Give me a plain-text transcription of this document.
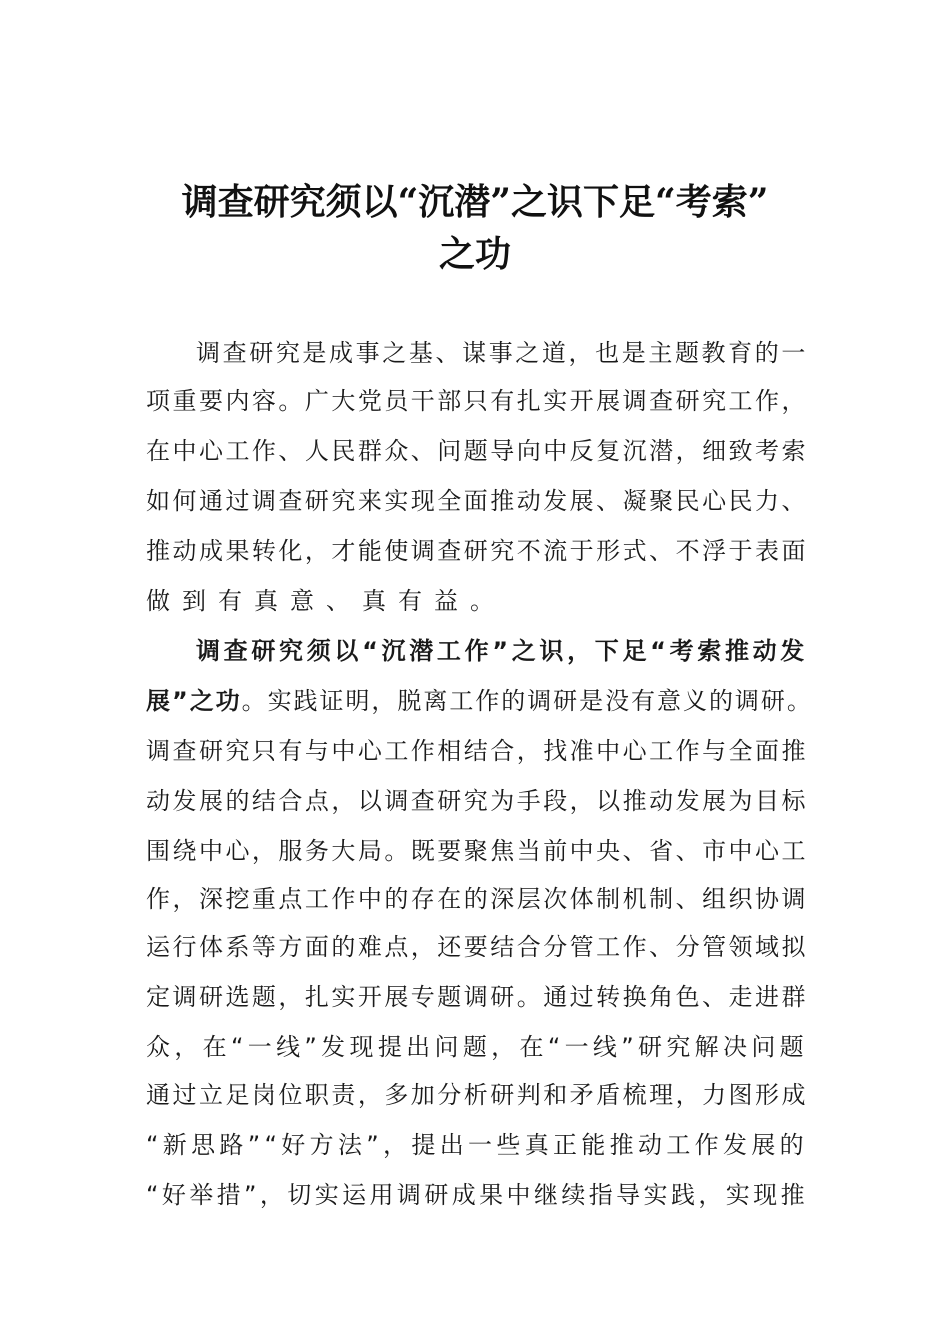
调查研究须以“沉潜”之识下足“考索”
之功
调查研究是成事之基、谋事之道，也是主题教育的一
项重要内容。广大党员干部只有扎实开展调查研究工作，
在中心工作、人民群众、问题导向中反复沉潜，细致考索
如何通过调查研究来实现全面推动发展、凝聚民心民力、
推动成果转化，才能使调查研究不流于形式、不浮于表面
做到有真意、真有益。
调查研究须以“沉潜工作”之识，下足“考索推动发
展”之功。实践证明，脱离工作的调研是没有意义的调研。
调查研究只有与中心工作相结合，找准中心工作与全面推
动发展的结合点，以调查研究为手段，以推动发展为目标
围绕中心，服务大局。既要聚焦当前中央、省、市中心工
作，深挖重点工作中的存在的深层次体制机制、组织协调
运行体系等方面的难点，还要结合分管工作、分管领域拟
定调研选题，扎实开展专题调研。通过转换角色、走进群
众，在“一线”发现提出问题，在“一线”研究解决问题
通过立足岗位职责，多加分析研判和矛盾梳理，力图形成
“新思路”“好方法”，提出一些真正能推动工作发展的
“好举措”，切实运用调研成果中继续指导实践，实现推
